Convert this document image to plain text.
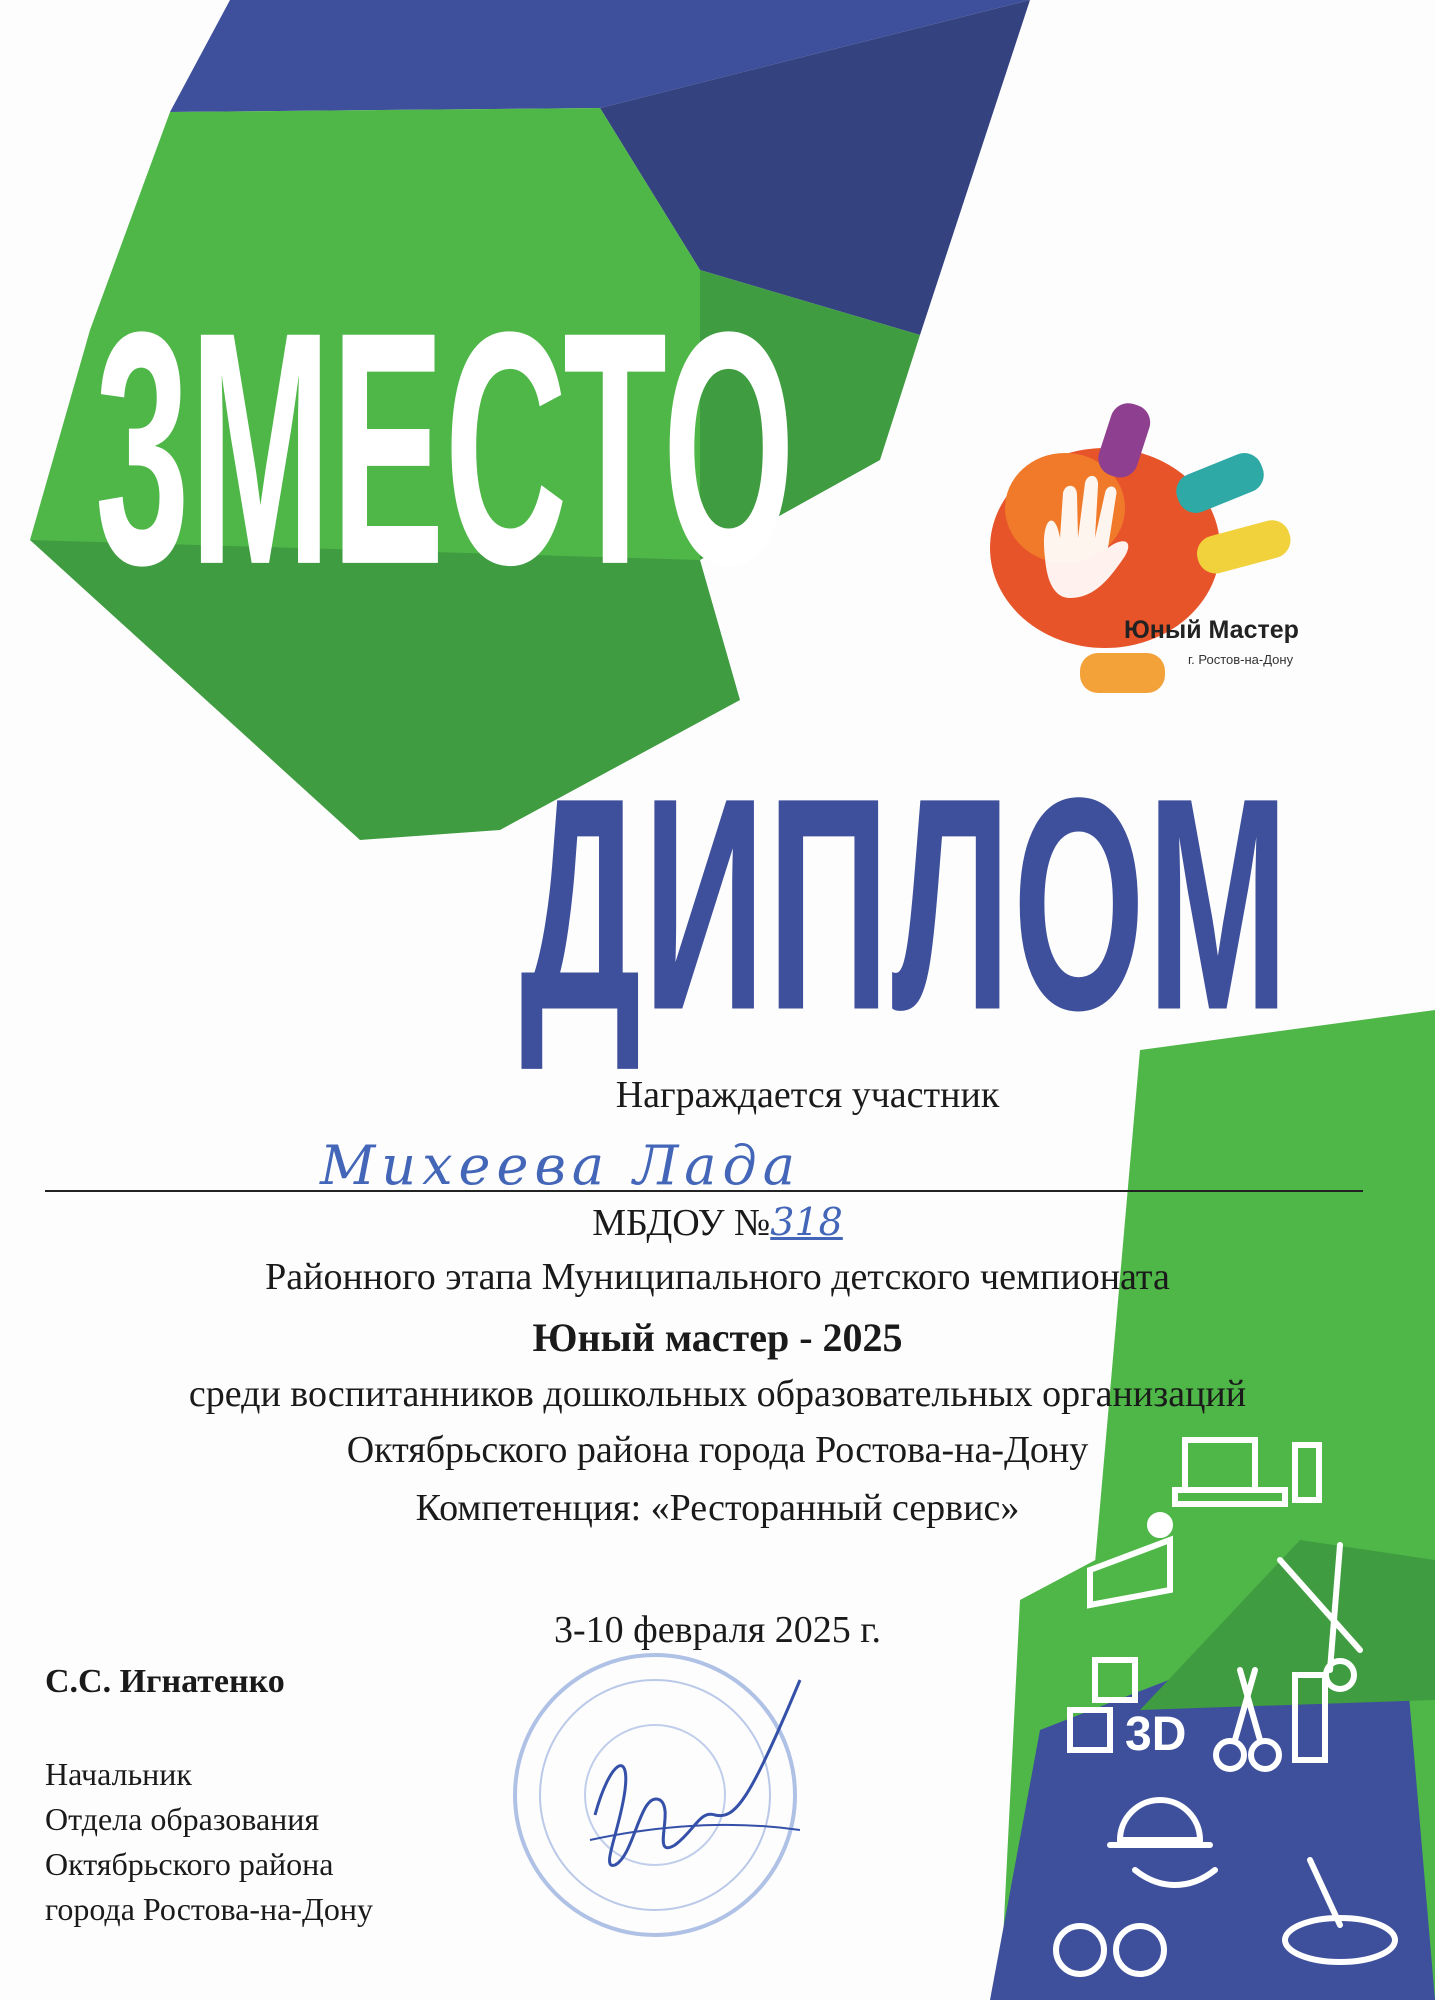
3МЕСТО
ДИПЛОМ
Юный Мастер
г. Ростов-на-Дону
Награждается участник
Михеева Лада
МБДОУ №318
Районного этапа Муниципального детского чемпионата
Юный мастер - 2025
среди воспитанников дошкольных образовательных организаций
Октябрьского района города Ростова-на-Дону
Компетенция: «Ресторанный сервис»
3-10 февраля 2025 г.

С.С. Игнатенко

Начальник
Отдела образования
Октябрьского района
города Ростова-на-Дону
3D
